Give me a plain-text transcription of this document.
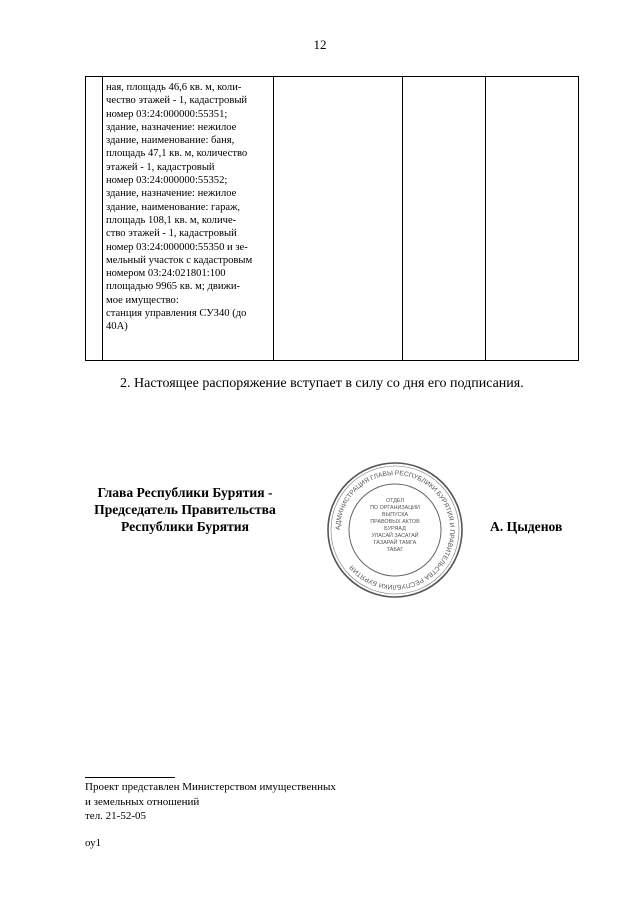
12
ная, площадь 46,6 кв. м, коли-
чество этажей - 1, кадастровый
номер 03:24:000000:55351;
здание, назначение: нежилое
здание, наименование: баня,
площадь 47,1 кв. м, количество
этажей - 1, кадастровый
номер 03:24:000000:55352;
здание, назначение: нежилое
здание, наименование: гараж,
площадь 108,1 кв. м, количе-
ство этажей - 1, кадастровый
номер 03:24:000000:55350 и зе-
мельный участок с кадастровым
номером 03:24:021801:100
площадью 9965 кв. м; движи-
мое имущество:
станция управления СУЗ40 (до
40А)
2. Настоящее распоряжение вступает в силу со дня его подписания.
Глава Республики Бурятия -
Председатель Правительства
Республики Бурятия	А. Цыденов
АДМИНИСТРАЦИЯ ГЛАВЫ РЕСПУБЛИКИ БУРЯТИЯ И ПРАВИТЕЛЬСТВА РЕСПУБЛИКИ БУРЯТИЯ
ОТДЕЛ
ПО ОРГАНИЗАЦИИ
ВЫПУСКА
ПРАВОВЫХ АКТОВ
БУРЯАД
УЛАСАЙ ЗАСАГАЙ
ГАЗАРАЙ ТАМГА
ТАБАГ
Проект представлен Министерством имущественных
и земельных отношений
тел. 21-52-05
оу1
